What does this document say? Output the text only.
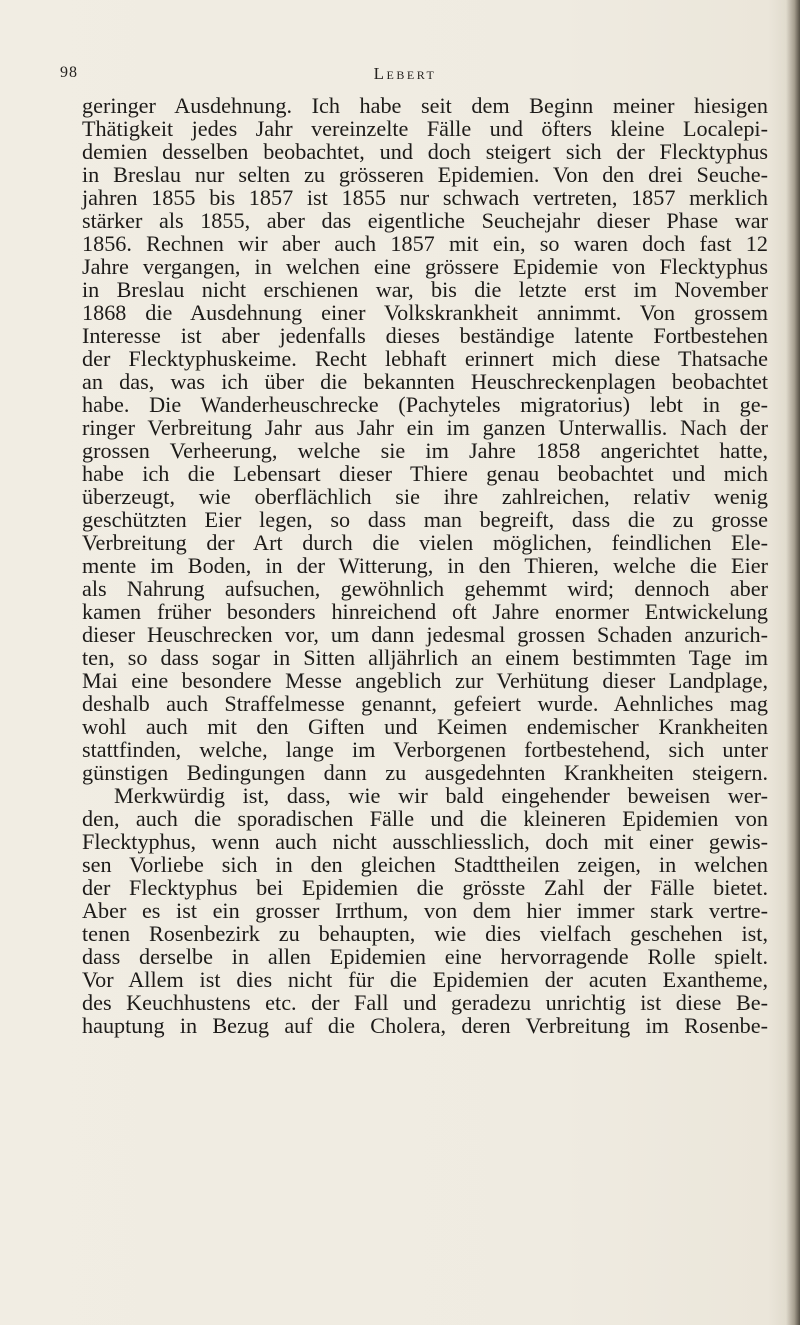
98	Lebert
geringer Ausdehnung. Ich habe seit dem Beginn meiner hiesigen
Thätigkeit jedes Jahr vereinzelte Fälle und öfters kleine Localepi-
demien desselben beobachtet, und doch steigert sich der Flecktyphus
in Breslau nur selten zu grösseren Epidemien. Von den drei Seuche-
jahren 1855 bis 1857 ist 1855 nur schwach vertreten, 1857 merklich
stärker als 1855, aber das eigentliche Seuchejahr dieser Phase war
1856. Rechnen wir aber auch 1857 mit ein, so waren doch fast 12
Jahre vergangen, in welchen eine grössere Epidemie von Flecktyphus
in Breslau nicht erschienen war, bis die letzte erst im November
1868 die Ausdehnung einer Volkskrankheit annimmt. Von grossem
Interesse ist aber jedenfalls dieses beständige latente Fortbestehen
der Flecktyphuskeime. Recht lebhaft erinnert mich diese Thatsache
an das, was ich über die bekannten Heuschreckenplagen beobachtet
habe. Die Wanderheuschrecke (Pachyteles migratorius) lebt in ge-
ringer Verbreitung Jahr aus Jahr ein im ganzen Unterwallis. Nach der
grossen Verheerung, welche sie im Jahre 1858 angerichtet hatte,
habe ich die Lebensart dieser Thiere genau beobachtet und mich
überzeugt, wie oberflächlich sie ihre zahlreichen, relativ wenig
geschützten Eier legen, so dass man begreift, dass die zu grosse
Verbreitung der Art durch die vielen möglichen, feindlichen Ele-
mente im Boden, in der Witterung, in den Thieren, welche die Eier
als Nahrung aufsuchen, gewöhnlich gehemmt wird; dennoch aber
kamen früher besonders hinreichend oft Jahre enormer Entwickelung
dieser Heuschrecken vor, um dann jedesmal grossen Schaden anzurich-
ten, so dass sogar in Sitten alljährlich an einem bestimmten Tage im
Mai eine besondere Messe angeblich zur Verhütung dieser Landplage,
deshalb auch Straffelmesse genannt, gefeiert wurde. Aehnliches mag
wohl auch mit den Giften und Keimen endemischer Krankheiten
stattfinden, welche, lange im Verborgenen fortbestehend, sich unter
günstigen Bedingungen dann zu ausgedehnten Krankheiten steigern.
Merkwürdig ist, dass, wie wir bald eingehender beweisen wer-
den, auch die sporadischen Fälle und die kleineren Epidemien von
Flecktyphus, wenn auch nicht ausschliesslich, doch mit einer gewis-
sen Vorliebe sich in den gleichen Stadttheilen zeigen, in welchen
der Flecktyphus bei Epidemien die grösste Zahl der Fälle bietet.
Aber es ist ein grosser Irrthum, von dem hier immer stark vertre-
tenen Rosenbezirk zu behaupten, wie dies vielfach geschehen ist,
dass derselbe in allen Epidemien eine hervorragende Rolle spielt.
Vor Allem ist dies nicht für die Epidemien der acuten Exantheme,
des Keuchhustens etc. der Fall und geradezu unrichtig ist diese Be-
hauptung in Bezug auf die Cholera, deren Verbreitung im Rosenbe-
